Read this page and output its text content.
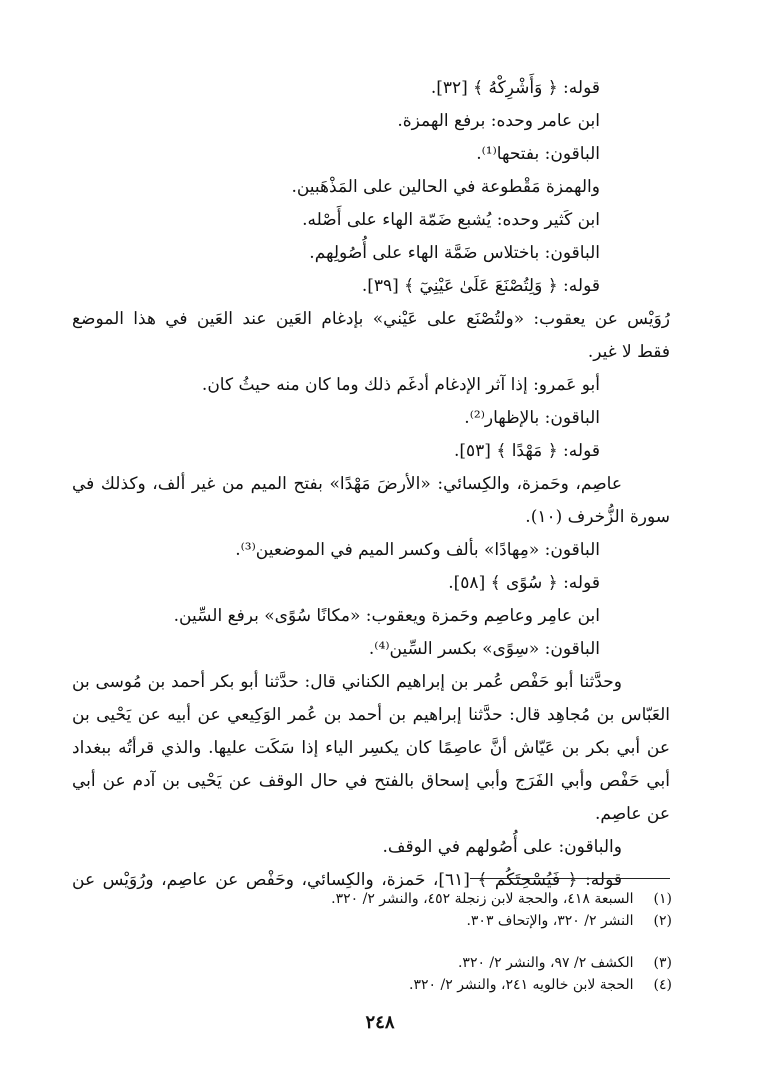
قوله: ﴿ وَأَشْرِكْهُ ﴾ [٣٢].
ابن عامر وحده: برفع الهمزة.
الباقون: بفتحها⁽¹⁾.
والهمزة مَقْطوعة في الحالين على المَذْهَبين.
ابن كَثير وحده: يُشبع ضَمّة الهاء على أَصْله.
الباقون: باختلاس ضَمَّة الهاء على أُصُولِهم.
قوله: ﴿ وَلِتُصْنَعَ عَلَىٰ عَيْنِيٓ ﴾ [٣٩].
رُوَيْس عن يعقوب: «ولتُصْنَع على عَيْني» بإدغام العَين عند العَين في هذا الموضع
فقط لا غير.
أبو عَمرو: إذا آثر الإدغام أدغَم ذلك وما كان منه حيثُ كان.
الباقون: بالإظهار⁽²⁾.
قوله: ﴿ مَهْدًا ﴾ [٥٣].
عاصِم، وحَمزة، والكِسائي: «الأرضَ مَهْدًا» بفتح الميم من غير ألف، وكذلك في
سورة الزُّخرف (١٠).
الباقون: «مِهادًا» بألف وكسر الميم في الموضعين⁽³⁾.
قوله: ﴿ سُوًى ﴾ [٥٨].
ابن عامِر وعاصِم وحَمزة ويعقوب: «مكانًا سُوًى» برفع السِّين.
الباقون: «سِوًى» بكسر السِّين⁽⁴⁾.
وحدَّثنا أبو حَفْص عُمر بن إبراهيم الكناني قال: حدَّثنا أبو بكر أحمد بن مُوسى بن
العَبّاس بن مُجاهِد قال: حدَّثنا إبراهيم بن أحمد بن عُمر الوَكِيعي عن أبيه عن يَحْيى بن
عن أبي بكر بن عَيّاش أنَّ عاصِمًا كان يكسِر الياء إذا سَكَت عليها. والذي قرأتُه ببغداد
أبي حَفْص وأبي الفَرَج وأبي إسحاق بالفتح في حال الوقف عن يَحْيى بن آدم عن أبي
عن عاصِم.
والباقون: على أُصُولهم في الوقف.
قوله: ﴿ فَيُسْحِتَكُم ﴾ [٦١]، حَمزة، والكِسائي، وحَفْص عن عاصِم، ورُوَيْس عن
(١) السبعة ٤١٨، والحجة لابن زنجلة ٤٥٢، والنشر ٢/ ٣٢٠.
(٢) النشر ٢/ ٣٢٠، والإتحاف ٣٠٣.
(٣) الكشف ٢/ ٩٧، والنشر ٢/ ٣٢٠.
(٤) الحجة لابن خالويه ٢٤١، والنشر ٢/ ٣٢٠.
٢٤٨
